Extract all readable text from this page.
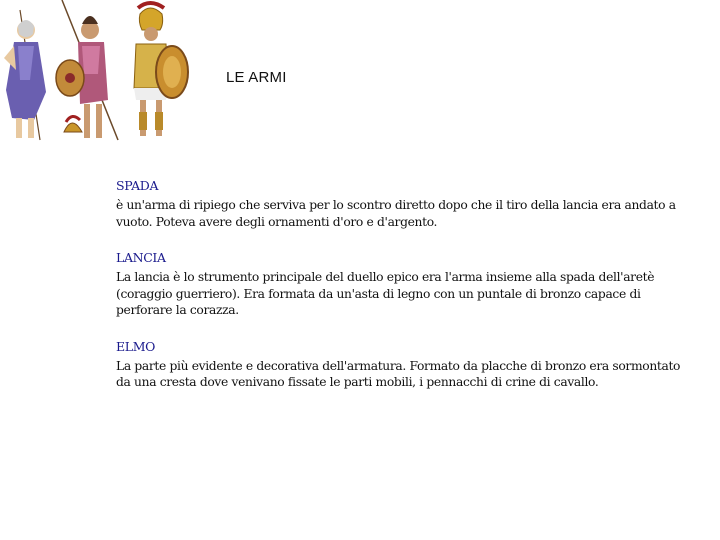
LE ARMI
SPADA
è un'arma di ripiego che serviva per lo scontro diretto dopo che il tiro della lancia era andato a vuoto. Poteva avere degli ornamenti d'oro e d'argento.
LANCIA
La lancia è lo strumento principale del duello epico era l'arma insieme alla spada dell'aretè (coraggio guerriero). Era formata da un'asta di legno con un puntale di bronzo capace di perforare la corazza.
ELMO
La parte più evidente e decorativa dell'armatura. Formato da placche di bronzo era sormontato da una cresta dove venivano fissate le parti mobili, i pennacchi di crine di cavallo.
